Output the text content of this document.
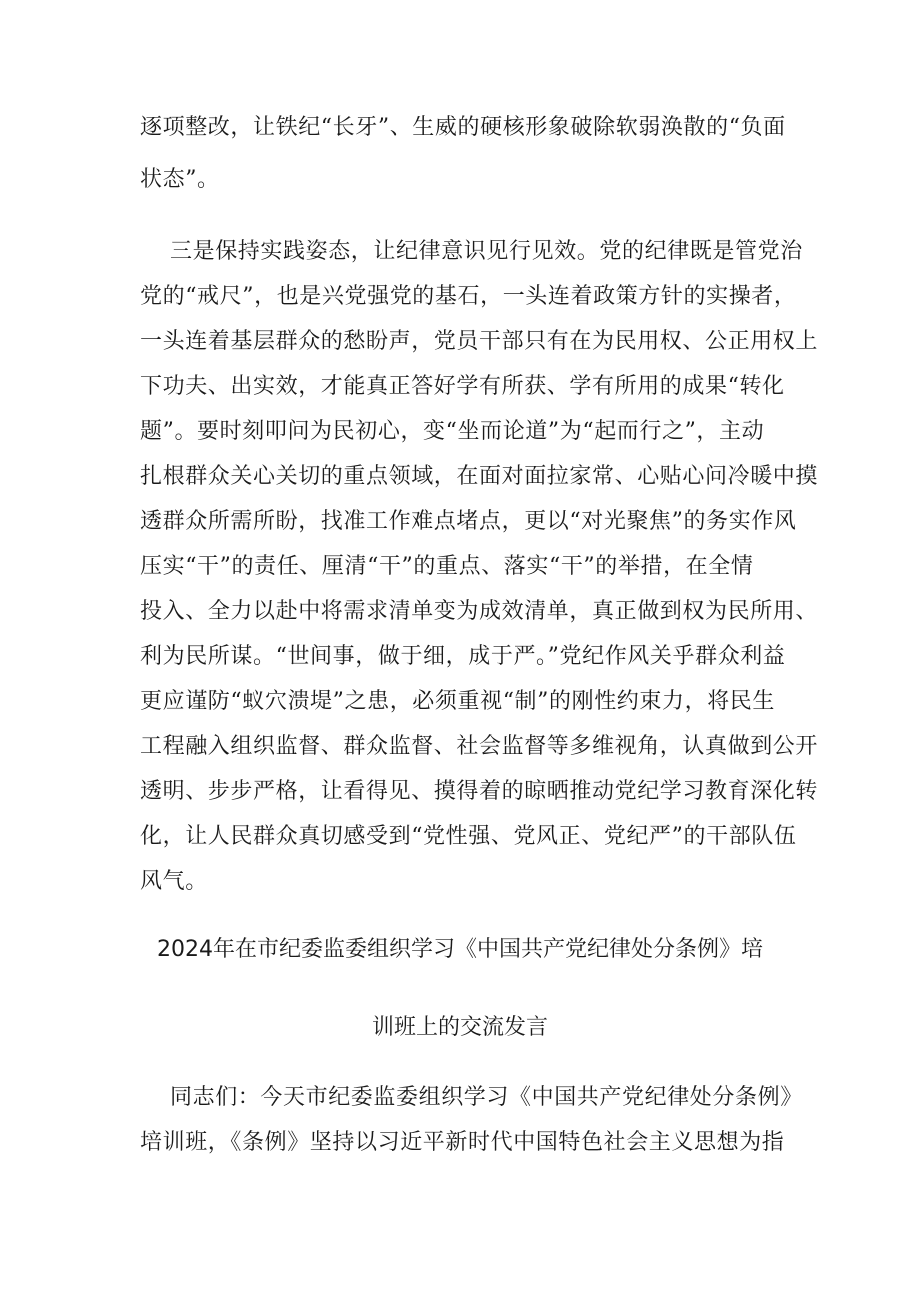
逐项整改，让铁纪“长牙”、生威的硬核形象破除软弱涣散的“负面
状态”。
三是保持实践姿态，让纪律意识见行见效。党的纪律既是管党治
党的“戒尺”，也是兴党强党的基石，一头连着政策方针的实操者，
一头连着基层群众的愁盼声，党员干部只有在为民用权、公正用权上
下功夫、出实效，才能真正答好学有所获、学有所用的成果“转化
题”。要时刻叩问为民初心，变“坐而论道”为“起而行之”，主动
扎根群众关心关切的重点领域，在面对面拉家常、心贴心问冷暖中摸
透群众所需所盼，找准工作难点堵点，更以“对光聚焦”的务实作风
压实“干”的责任、厘清“干”的重点、落实“干”的举措，在全情
投入、全力以赴中将需求清单变为成效清单，真正做到权为民所用、
利为民所谋。“世间事，做于细，成于严。”党纪作风关乎群众利益
更应谨防“蚁穴溃堤”之患，必须重视“制”的刚性约束力，将民生
工程融入组织监督、群众监督、社会监督等多维视角，认真做到公开
透明、步步严格，让看得见、摸得着的晾晒推动党纪学习教育深化转
化，让人民群众真切感受到“党性强、党风正、党纪严”的干部队伍
风气。
2024年在市纪委监委组织学习《中国共产党纪律处分条例》培
训班上的交流发言
同志们：今天市纪委监委组织学习《中国共产党纪律处分条例》
培训班，《条例》坚持以习近平新时代中国特色社会主义思想为指
